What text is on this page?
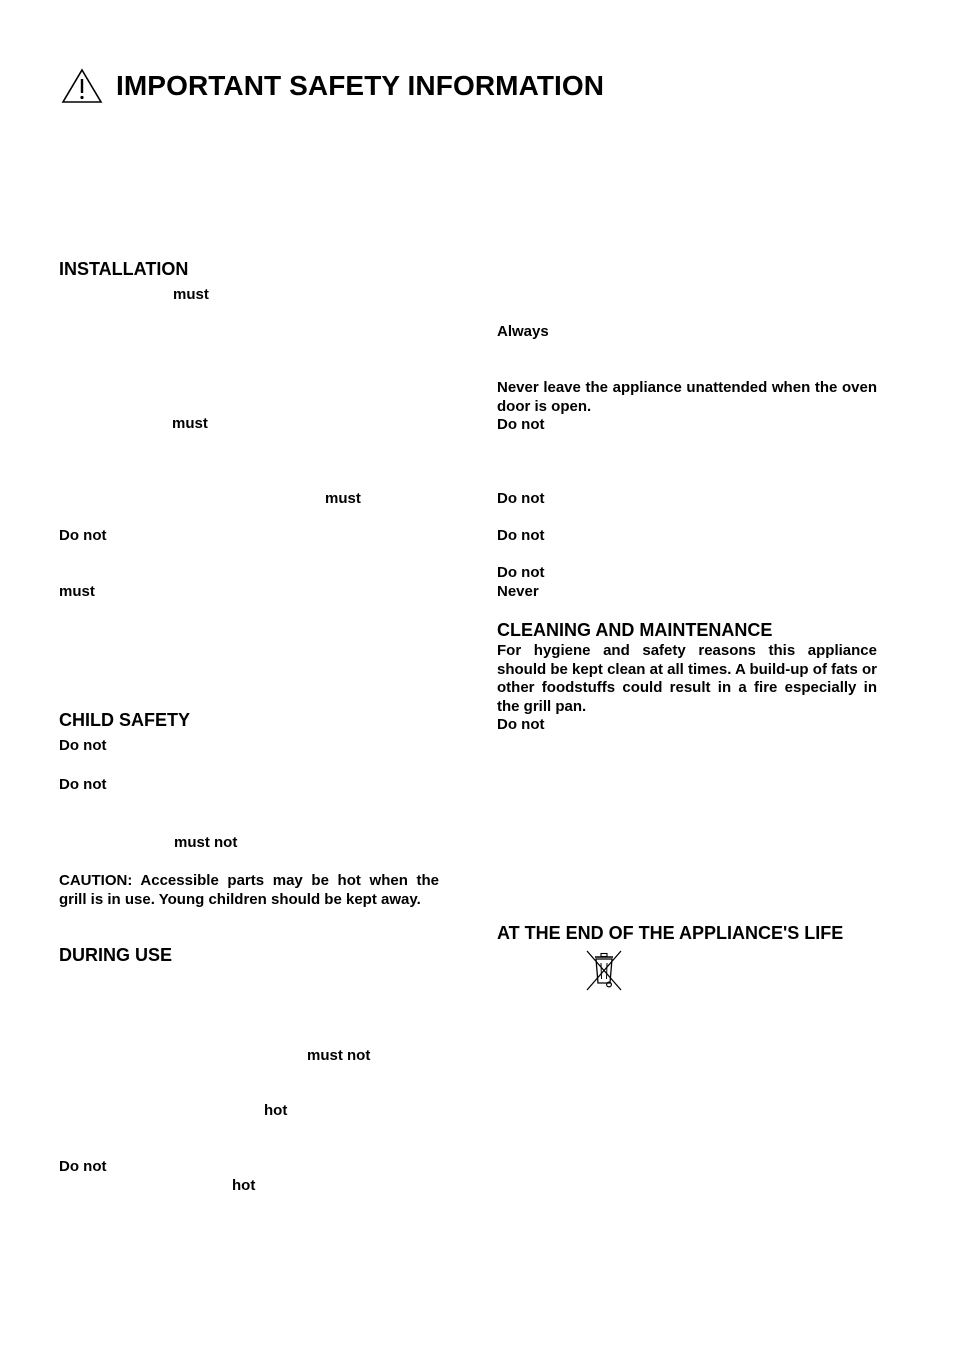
IMPORTANT SAFETY INFORMATION
INSTALLATION
must
must
must
Do not
must
CHILD SAFETY
Do not
Do not
must not
CAUTION: Accessible parts may be hot when the grill is in use. Young children should be kept away.
DURING USE
must not
hot
Do not
hot
Always
Never leave the appliance unattended when the oven door is open.
Do not
Do not
Do not
Do not
Never
CLEANING AND MAINTENANCE
For hygiene and safety reasons this appliance should be kept clean at all times. A build-up of fats or other foodstuffs could result in a fire especially in the grill pan.
Do not
AT THE END OF THE APPLIANCE'S LIFE
